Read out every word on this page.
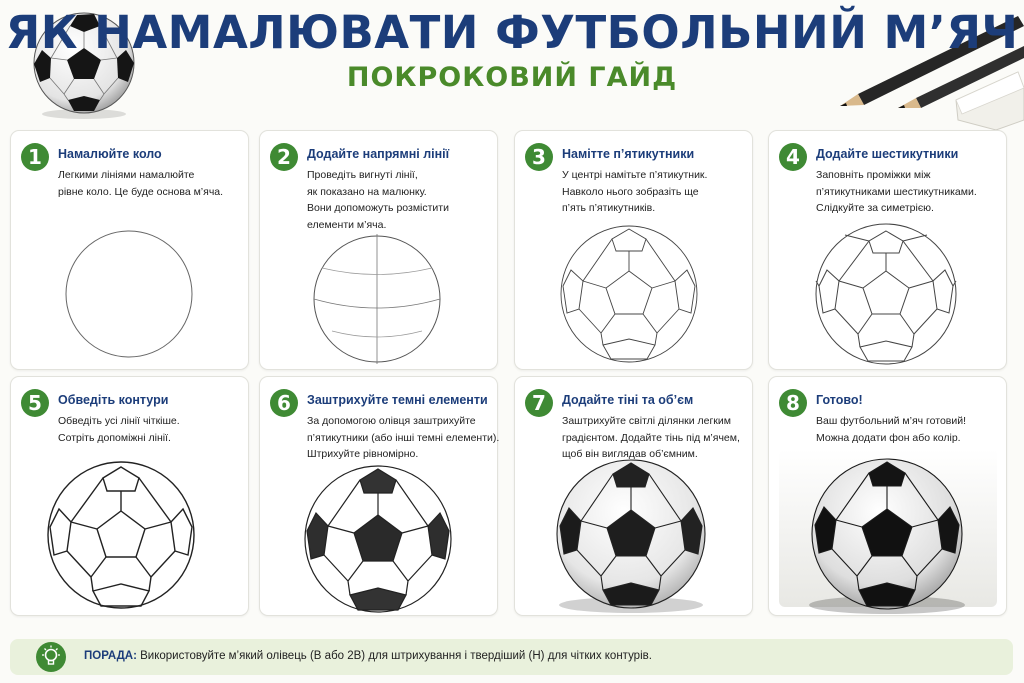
ЯК НАМАЛЮВАТИ ФУТБОЛЬНИЙ М’ЯЧ
ПОКРОКОВИЙ ГАЙД
1	Намалюйте коло
Легкими лініями намалюйте
рівне коло. Це буде основа м’яча.
2	Додайте напрямні лінії
Проведіть вигнуті лінії,
як показано на малюнку.
Вони допоможуть розмістити
елементи м’яча.
3	Намітте п’ятикутники
У центрі намітьте п’ятикутник.
Навколо нього зобразіть ще
п’ять п’ятикутників.
4	Додайте шестикутники
Заповніть проміжки між
п’ятикутниками шестикутниками.
Слідкуйте за симетрією.
5	Обведіть контури
Обведіть усі лінії чіткіше.
Сотріть допоміжні лінії.
6	Заштрихуйте темні елементи
За допомогою олівця заштрихуйте
п’ятикутники (або інші темні елементи).
Штрихуйте рівномірно.
7	Додайте тіні та об’єм
Заштрихуйте світлі ділянки легким
градієнтом. Додайте тінь під м’ячем,
щоб він виглядав об’ємним.
8	Готово!
Ваш футбольний м’яч готовий!
Можна додати фон або колір.
ПОРАДА: Використовуйте м’який олівець (B або 2B) для штрихування і твердіший (H) для чітких контурів.
